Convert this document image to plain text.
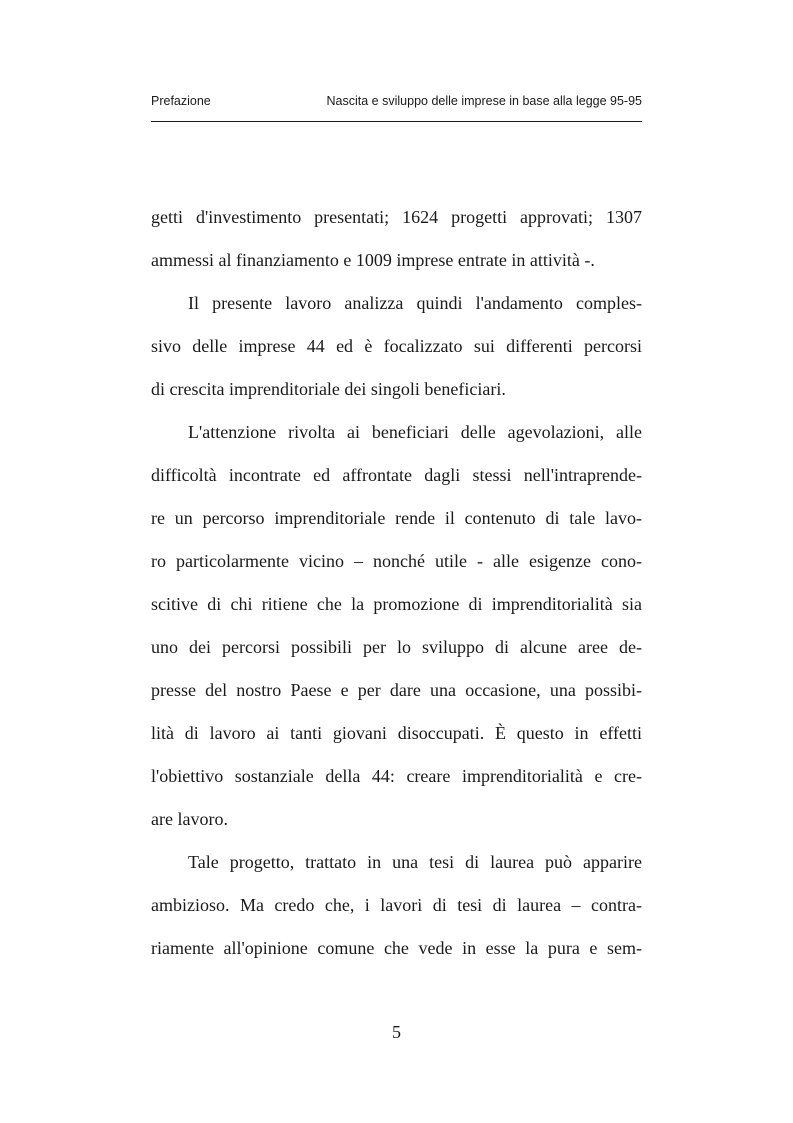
Prefazione	Nascita e sviluppo delle imprese in base alla legge 95-95
getti d'investimento presentati; 1624 progetti approvati; 1307
ammessi al finanziamento e 1009 imprese entrate in attività -.
Il presente lavoro analizza quindi l'andamento comples-
sivo delle imprese 44 ed è focalizzato sui differenti percorsi
di crescita imprenditoriale dei singoli beneficiari.
L'attenzione rivolta ai beneficiari delle agevolazioni, alle
difficoltà incontrate ed affrontate dagli stessi nell'intraprende-
re un percorso imprenditoriale rende il contenuto di tale lavo-
ro particolarmente vicino – nonché utile - alle esigenze cono-
scitive di chi ritiene che la promozione di imprenditorialità sia
uno dei percorsi possibili per lo sviluppo di alcune aree de-
presse del nostro Paese e per dare una occasione, una possibi-
lità di lavoro ai tanti giovani disoccupati. È questo in effetti
l'obiettivo sostanziale della 44: creare imprenditorialità e cre-
are lavoro.
Tale progetto, trattato in una tesi di laurea può apparire
ambizioso. Ma credo che, i lavori di tesi di laurea – contra-
riamente all'opinione comune che vede in esse la pura e sem-
5
